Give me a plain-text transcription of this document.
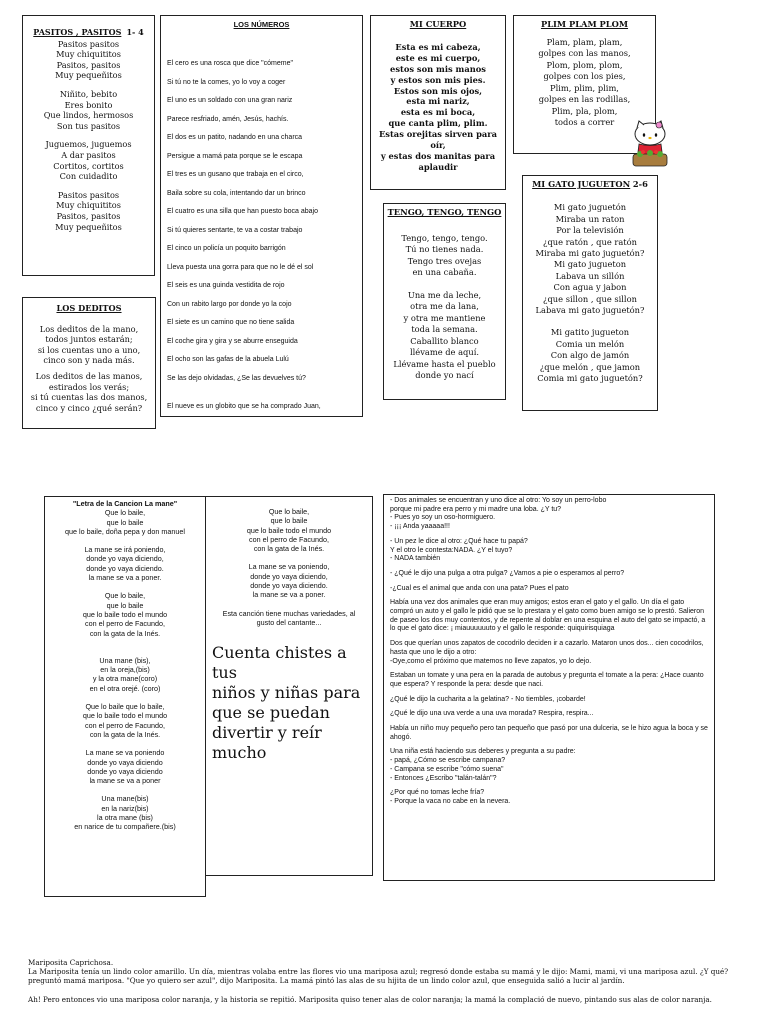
PASITOS , PASITOS 1- 4
Pasitos pasitos
Muy chiquititos
Pasitos, pasitos
Muy pequeñitos
Niñito, bebito
Eres bonito
Que lindos, hermosos
Son tus pasitos
Juguemos, juguemos
A dar pasitos
Cortitos, cortitos
Con cuidadito
Pasitos pasitos
Muy chiquititos
Pasitos, pasitos
Muy pequeñitos
LOS DEDITOS
Los deditos de la mano,
todos juntos estarán;
si los cuentas uno a uno,
cinco son y nada más.
Los deditos de las manos,
estirados los verás;
si tú cuentas las dos manos,
cinco y cinco ¿qué serán?
LOS NÚMEROS
El cero es una rosca que dice "cómeme"
Si tú no te la comes, yo lo voy a coger
El uno es un soldado con una gran nariz
Parece resfriado, amén, Jesús, hachís.
El dos es un patito, nadando en una charca
Persigue a mamá pata porque se le escapa
El tres es un gusano que trabaja en el circo,
Baila sobre su cola, intentando dar un brinco
El cuatro es una silla que han puesto boca abajo
Si tú quieres sentarte, te va a costar trabajo
El cinco un policía un poquito barrigón
Lleva puesta una gorra para que no le dé el sol
El seis es una guinda vestidita de rojo
Con un rabito largo por donde yo la cojo
El siete es un camino que no tiene salida
El coche gira y gira y se aburre enseguida
El ocho son las gafas de la abuela Lulú
Se las dejo olvidadas, ¿Se las devuelves tú?
El nueve es un globito que se ha comprado Juan,
MI CUERPO
Esta es mi cabeza,
este es mi cuerpo,
estos son mis manos
y estos son mis pies.
Estos son mis ojos,
esta mi nariz,
esta es mi boca,
que canta plim, plim.
Estas orejitas sirven para
oír,
y estas dos manitas para
aplaudir
PLIM PLAM PLOM
Plam, plam, plam,
golpes con las manos,
Plom, plom, plom,
golpes con los pies,
Plim, plim, plim,
golpes en las rodillas,
Plim, pla, plom,
todos a correr
TENGO, TENGO, TENGO
Tengo, tengo, tengo.
Tú no tienes nada.
Tengo tres ovejas
en una cabaña.
Una me da leche,
otra me da lana,
y otra me mantiene
toda la semana.
Caballito blanco
llévame de aquí.
Llévame hasta el pueblo
donde yo nací
MI GATO JUGUETON 2-6
Mi gato juguetón
Miraba un raton
Por la televisión
¿que ratón , que ratón
Miraba mi gato juguetón?
Mi gato jugueton
Labava un sillón
Con agua y jabon
¿que sillon , que sillon
Labava mi gato juguetón?
Mi gatito jugueton
Comia un melón
Con algo de jamón
¿que melón , que jamon
Comia mi gato juguetón?
"Letra de la Cancion La mane"
Que lo baile,
que lo baile
que lo baile, doña pepa y don manuel
La mane se irá poniendo,
donde yo vaya diciendo,
donde yo vaya diciendo.
la mane se va a poner.
Que lo baile,
que lo baile
que lo baile todo el mundo
con el perro de Facundo,
con la gata de la Inés.
Una mane (bis),
en la oreja,(bis)
y la otra mane(coro)
en el otra orejé. (coro)
Que lo baile que lo baile,
que lo baile todo el mundo
con el perro de Facundo,
con la gata de la Inés.
La mane se va poniendo
donde yo vaya diciendo
donde yo vaya diciendo
la mane se va a poner
Una mane(bis)
en la nariz(bis)
la otra mane (bis)
en narice de tu compañere.(bis)
Que lo baile,
que lo baile
que lo baile todo el mundo
con el perro de Facundo,
con la gata de la Inés.
La mane se va poniendo,
donde yo vaya diciendo,
donde yo vaya diciendo.
la mane se va a poner.
Esta canción tiene muchas variedades, al
gusto del cantante...
Cuenta chistes a tus
niños y niñas para
que se puedan
divertir y reír mucho
- Dos animales se encuentran y uno dice al otro: Yo soy un perro-lobo
porque mi padre era perro y mi madre una loba. ¿Y tu?
- Pues yo soy un oso-hormiguero.
- ¡¡¡ Anda yaaaaa!!!
- Un pez le dice al otro: ¿Qué hace tu papá?
Y el otro le contesta:NADA. ¿Y el tuyo?
- NADA también
- ¿Qué le dijo una pulga a otra pulga? ¿Vamos a pie o esperamos al perro?
-¿Cual es el animal que anda con una pata? Pues el pato
Había una vez dos animales que eran muy amigos; estos eran el gato y el gallo. Un día el gato compró un auto y el gallo le pidió que se lo prestara y el gato como buen amigo se lo prestó. Salieron de paseo los dos muy contentos, y de repente al doblar en una esquina el auto del gato se impactó, a lo que el gato dice: ¡ miauuuuuuto y el gallo le responde: quiquirisquiaga
Dos que querían unos zapatos de cocodrilo deciden ir a cazarlo. Mataron unos dos... cien cocodrilos, hasta que uno le dijo a otro:
-Oye,como el próximo que matemos no lleve zapatos, yo lo dejo.
Estaban un tomate y una pera en la parada de autobus y pregunta el tomate a la pera: ¿Hace cuanto que espera? Y responde la pera: desde que naci.
¿Qué le dijo la cucharita a la gelatina? - No tiembles, ¡cobarde!
¿Qué le dijo una uva verde a una uva morada? Respira, respira...
Había un niño muy pequeño pero tan pequeño que pasó por una dulceria, se le hizo agua la boca y se ahogó.
Una niña está haciendo sus deberes y pregunta a su padre:
- papá, ¿Cómo se escribe campana?
- Campana se escribe "cómo suena"
- Entonces ¿Escribo "talán-talán"?
¿Por qué no tomas leche fría?
- Porque la vaca no cabe en la nevera.
Mariposita Caprichosa.

La Mariposita tenía un lindo color amarillo. Un día, mientras volaba entre las flores vio una mariposa azul; regresó donde estaba su mamá y le dijo: Mami, mami, vi una mariposa azul. ¿Y qué? preguntó mamá mariposa. "Que yo quiero ser azul", dijo Mariposita. La mamá pintó las alas de su hijita de un lindo color azul, que enseguida salió a lucir al jardín.

Ah! Pero entonces vio una mariposa color naranja, y la historia se repitió. Mariposita quiso tener alas de color naranja; la mamá la complació de nuevo, pintando sus alas de color naranja.
